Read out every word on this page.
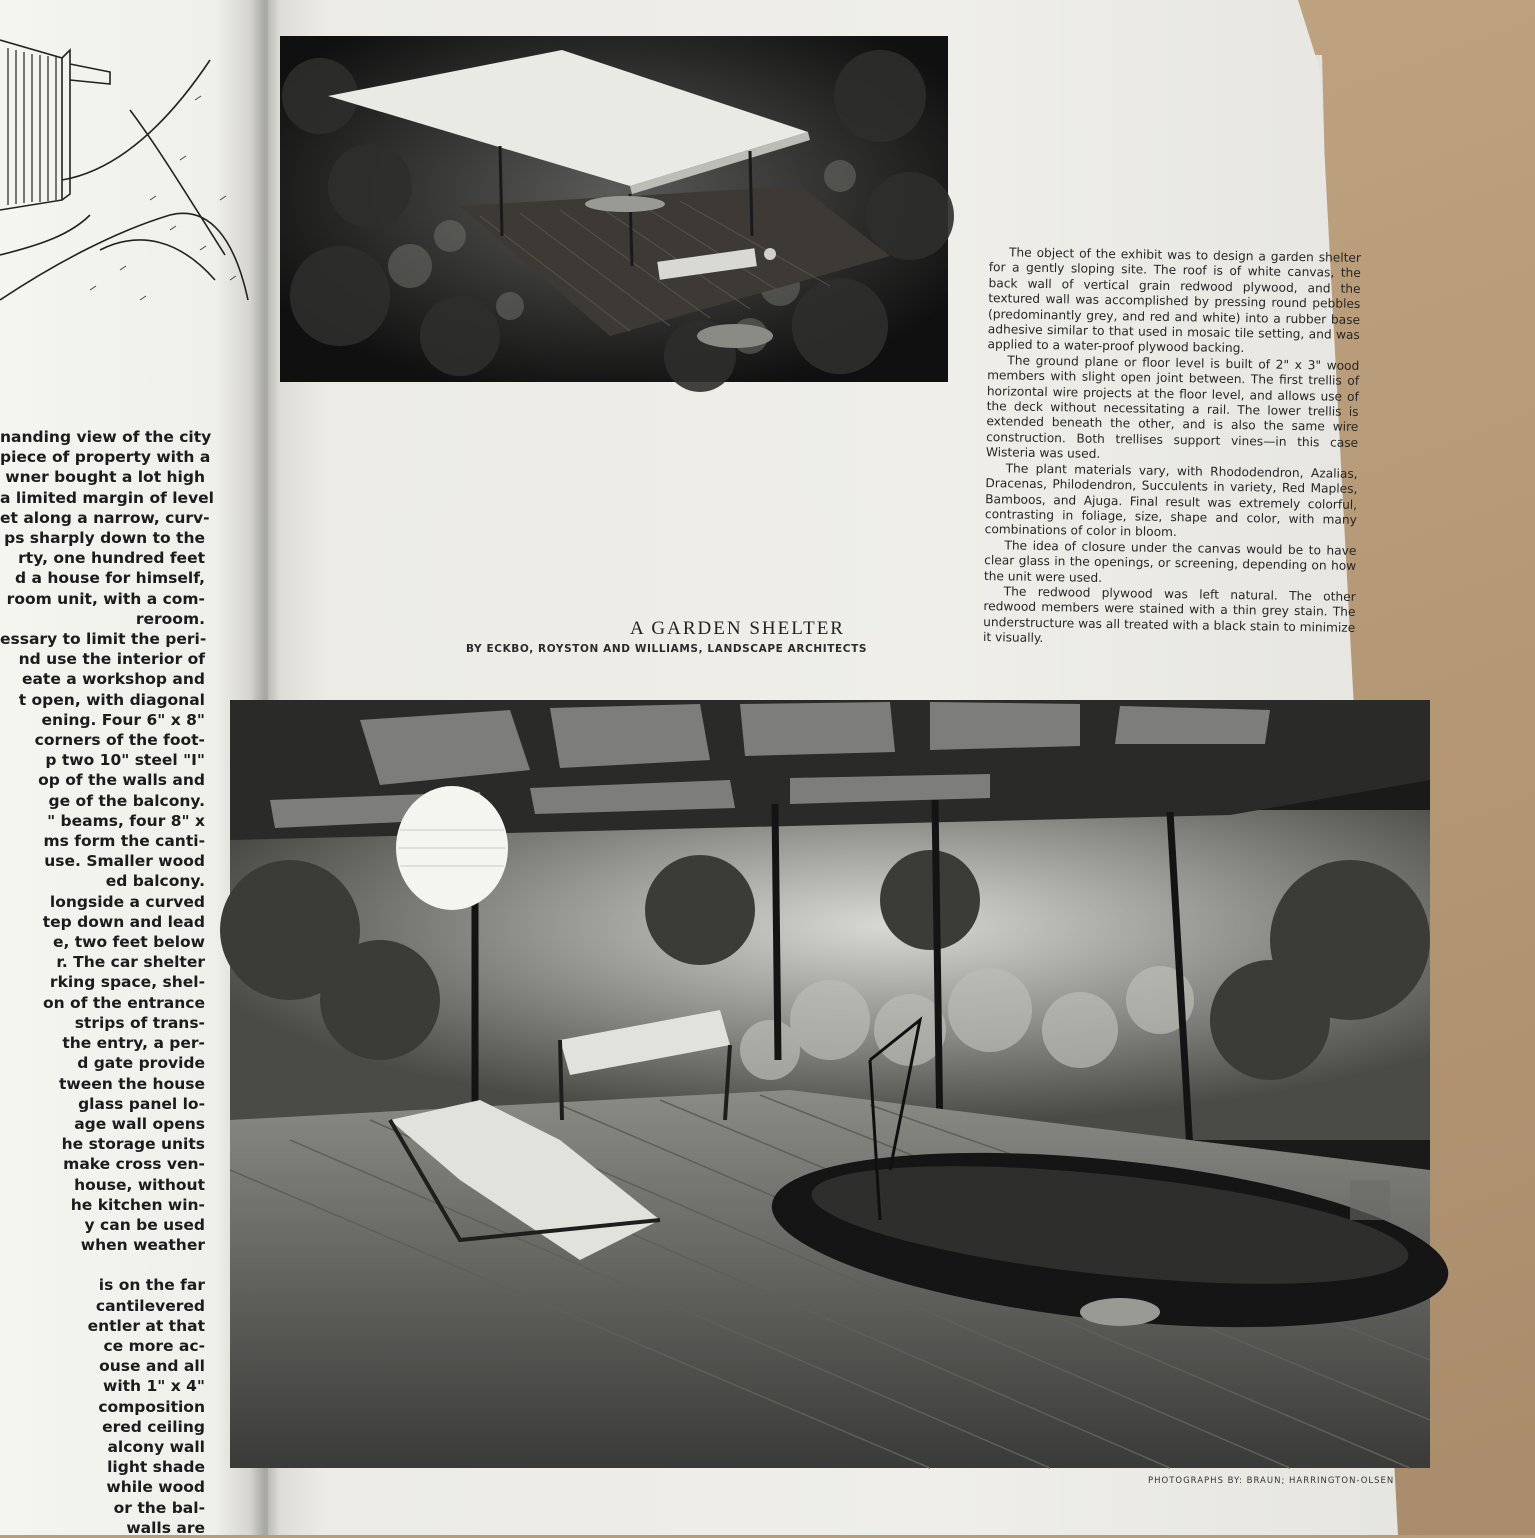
nanding view of the city
piece of property with a
wner bought a lot high
a limited margin of level
et along a narrow, curv-
ps sharply down to the
rty, one hundred feet
d a house for himself,
room unit, with a com-
reroom.
essary to limit the peri-
nd use the interior of
eate a workshop and
t open, with diagonal
ening. Four 6" x 8"
corners of the foot-
p two 10" steel "I"
op of the walls and
ge of the balcony.
" beams, four 8" x
ms form the canti-
use. Smaller wood
ed balcony.
longside a curved
tep down and lead
e, two feet below
r. The car shelter
rking space, shel-
on of the entrance
strips of trans-
the entry, a per-
d gate provide
tween the house
glass panel lo-
age wall opens
he storage units
make cross ven-
house, without
he kitchen win-
y can be used
when weather
is on the far
cantilevered
entler at that
ce more ac-
ouse and all
with 1" x 4"
composition
ered ceiling
alcony wall
light shade
while wood
or the bal-
walls are

The object of the exhibit was to design a garden shelter for a gently sloping site. The roof is of white canvas, the back wall of vertical grain redwood plywood, and the textured wall was accomplished by pressing round pebbles (predominantly grey, and red and white) into a rubber base adhesive similar to that used in mosaic tile setting, and was applied to a water-proof plywood backing.

The ground plane or floor level is built of 2" x 3" wood members with slight open joint between. The first trellis of horizontal wire projects at the floor level, and allows use of the deck without necessitating a rail. The lower trellis is extended beneath the other, and is also the same wire construction. Both trellises support vines—in this case Wisteria was used.

The plant materials vary, with Rhododendron, Azalias, Dracenas, Philodendron, Succulents in variety, Red Maples, Bamboos, and Ajuga. Final result was extremely colorful, contrasting in foliage, size, shape and color, with many combinations of color in bloom.

The idea of closure under the canvas would be to have clear glass in the openings, or screening, depending on how the unit were used.

The redwood plywood was left natural. The other redwood members were stained with a thin grey stain. The understructure was all treated with a black stain to minimize it visually.

A GARDEN SHELTER
BY ECKBO, ROYSTON AND WILLIAMS, LANDSCAPE ARCHITECTS
PHOTOGRAPHS BY: BRAUN; HARRINGTON-OLSEN
